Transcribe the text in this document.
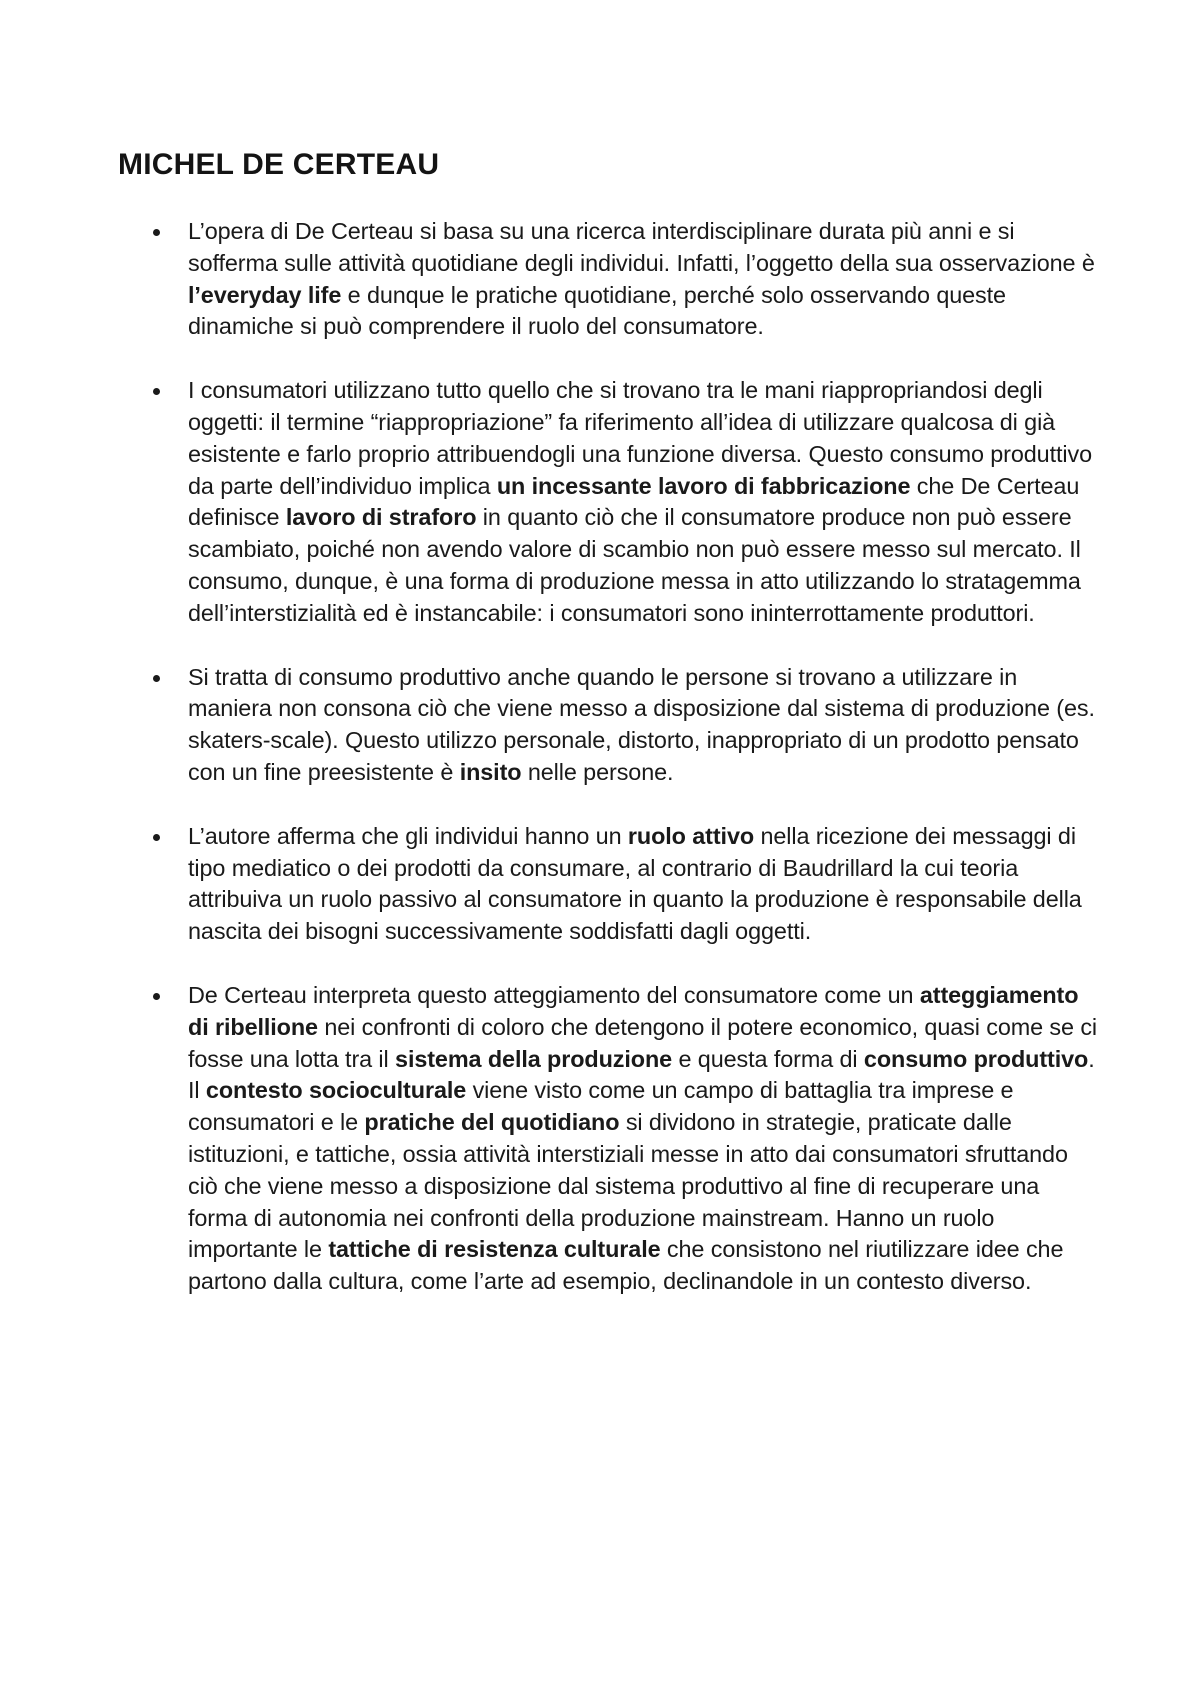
MICHEL DE CERTEAU
L’opera di De Certeau si basa su una ricerca interdisciplinare durata più anni e si sofferma sulle attività quotidiane degli individui. Infatti, l’oggetto della sua osservazione è l’everyday life e dunque le pratiche quotidiane, perché solo osservando queste dinamiche si può comprendere il ruolo del consumatore.
I consumatori utilizzano tutto quello che si trovano tra le mani riappropriandosi degli oggetti: il termine “riappropriazione” fa riferimento all’idea di utilizzare qualcosa di già esistente e farlo proprio attribuendogli una funzione diversa. Questo consumo produttivo da parte dell’individuo implica un incessante lavoro di fabbricazione che De Certeau definisce lavoro di straforo in quanto ciò che il consumatore produce non può essere scambiato, poiché non avendo valore di scambio non può essere messo sul mercato. Il consumo, dunque, è una forma di produzione messa in atto utilizzando lo stratagemma dell’interstizialità ed è instancabile: i consumatori sono ininterrottamente produttori.
Si tratta di consumo produttivo anche quando le persone si trovano a utilizzare in maniera non consona ciò che viene messo a disposizione dal sistema di produzione (es. skaters-scale). Questo utilizzo personale, distorto, inappropriato di un prodotto pensato con un fine preesistente è insito nelle persone.
L’autore afferma che gli individui hanno un ruolo attivo nella ricezione dei messaggi di tipo mediatico o dei prodotti da consumare, al contrario di Baudrillard la cui teoria attribuiva un ruolo passivo al consumatore in quanto la produzione è responsabile della nascita dei bisogni successivamente soddisfatti dagli oggetti.
De Certeau interpreta questo atteggiamento del consumatore come un atteggiamento di ribellione nei confronti di coloro che detengono il potere economico, quasi come se ci fosse una lotta tra il sistema della produzione e questa forma di consumo produttivo. Il contesto socioculturale viene visto come un campo di battaglia tra imprese e consumatori e le pratiche del quotidiano si dividono in strategie, praticate dalle istituzioni, e tattiche, ossia attività interstiziali messe in atto dai consumatori sfruttando ciò che viene messo a disposizione dal sistema produttivo al fine di recuperare una forma di autonomia nei confronti della produzione mainstream. Hanno un ruolo importante le tattiche di resistenza culturale che consistono nel riutilizzare idee che partono dalla cultura, come l’arte ad esempio, declinandole in un contesto diverso.
